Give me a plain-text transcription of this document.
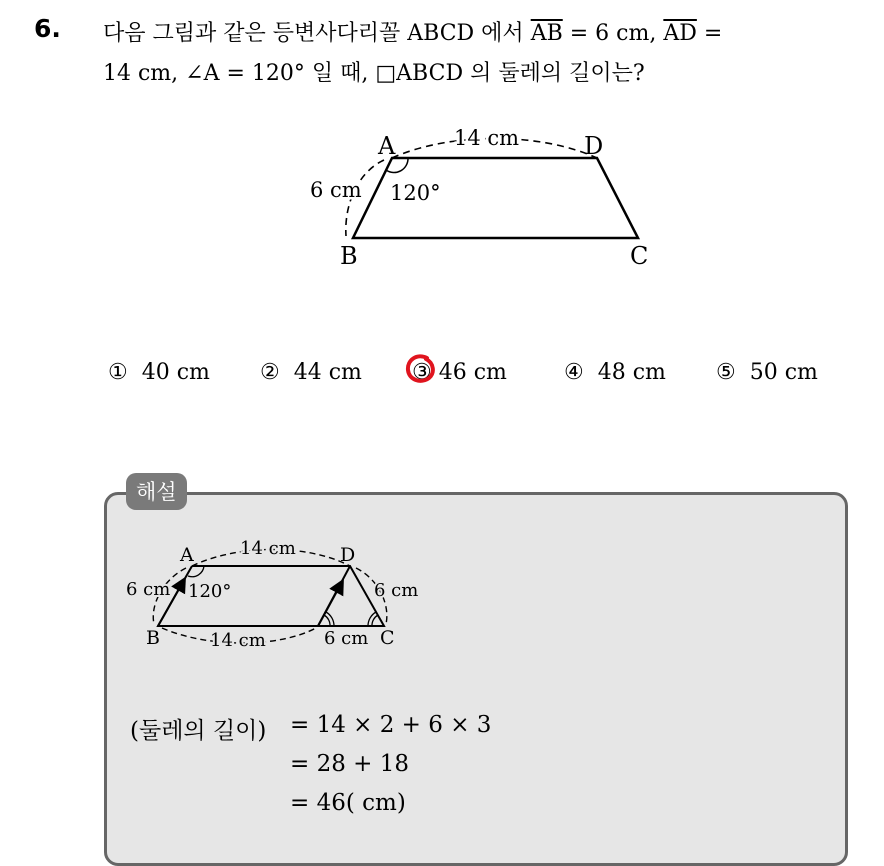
6. 다음 그림과 같은 등변사다리꼴 ABCD 에서 $\overline{AB} = 6$ cm, $\overline{AD}$ =
14 cm, ∠A = 120° 일 때, □ABCD 의 둘레의 길이는?
A	D
B	C
14 cm
6 cm 120°
① 40 cm ② 44 cm ③ 46 cm	④ 48 cm ⑤ 50 cm
해설
A	D
B	C
14 cm
6 cm 120°	6 cm
14 cm	6 cm
(둘레의 길이) = 14 × 2 + 6 × 3
= 28 + 18
= 46( cm)
